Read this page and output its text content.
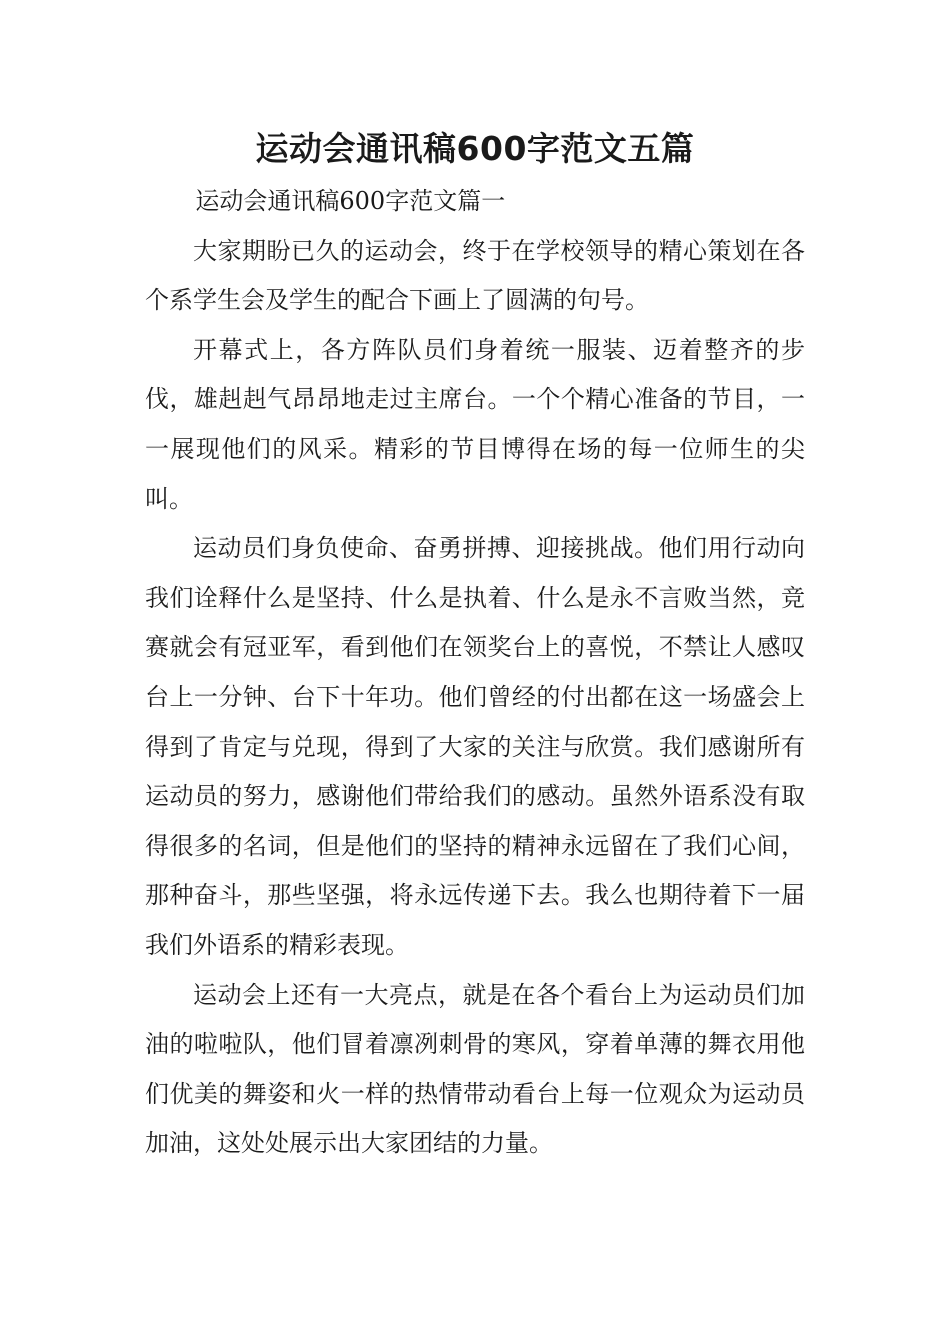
运动会通讯稿600字范文五篇

运动会通讯稿600字范文篇一

大家期盼已久的运动会，终于在学校领导的精心策划在各个系学生会及学生的配合下画上了圆满的句号。

开幕式上，各方阵队员们身着统一服装、迈着整齐的步伐，雄赳赳气昂昂地走过主席台。一个个精心准备的节目，一一展现他们的风采。精彩的节目博得在场的每一位师生的尖叫。

运动员们身负使命、奋勇拼搏、迎接挑战。他们用行动向我们诠释什么是坚持、什么是执着、什么是永不言败当然，竞赛就会有冠亚军，看到他们在领奖台上的喜悦，不禁让人感叹台上一分钟、台下十年功。他们曾经的付出都在这一场盛会上得到了肯定与兑现，得到了大家的关注与欣赏。我们感谢所有运动员的努力，感谢他们带给我们的感动。虽然外语系没有取得很多的名词，但是他们的坚持的精神永远留在了我们心间，那种奋斗，那些坚强，将永远传递下去。我么也期待着下一届我们外语系的精彩表现。

运动会上还有一大亮点，就是在各个看台上为运动员们加油的啦啦队，他们冒着凛冽刺骨的寒风，穿着单薄的舞衣用他们优美的舞姿和火一样的热情带动看台上每一位观众为运动员加油，这处处展示出大家团结的力量。
